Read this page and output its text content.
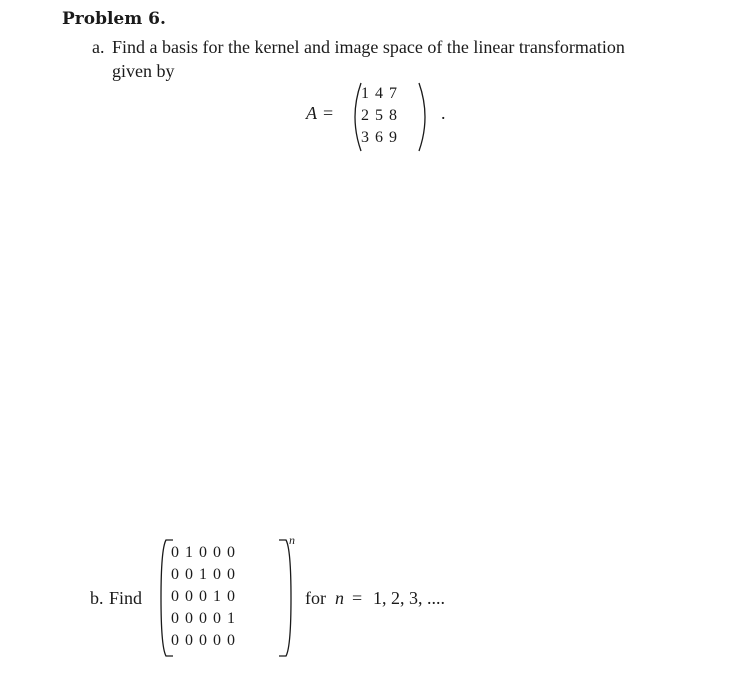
Problem 6.
a. Find a basis for the kernel and image space of the linear transformation
given by
A =
1	4	7
2	5	8
3	6	9
.
b. Find
0	1	0	0	0
0	0	1	0	0
0	0	0	1	0
0	0	0	0	1
0	0	0	0	0
n
for n = 1, 2, 3, ....
